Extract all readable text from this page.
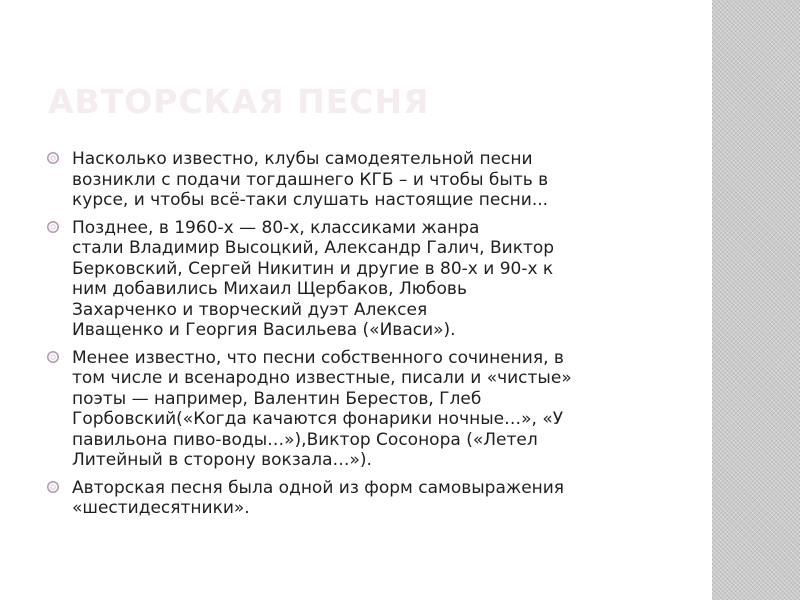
АВТОРСКАЯ ПЕСНЯ
Насколько известно, клубы самодеятельной песни
возникли с подачи тогдашнего КГБ – и чтобы быть в
курсе, и чтобы всё-таки слушать настоящие песни...
Позднее, в 1960-х — 80-х, классиками жанра
стали Владимир Высоцкий, Александр Галич, Виктор
Берковский, Сергей Никитин и другие в 80-х и 90-х к
ним добавились Михаил Щербаков, Любовь
Захарченко и творческий дуэт Алексея
Иващенко и Георгия Васильева («Иваси»).
Менее известно, что песни собственного сочинения, в
том числе и всенародно известные, писали и «чистые»
поэты — например, Валентин Берестов, Глеб
Горбовский(«Когда качаются фонарики ночные…», «У
павильона пиво-воды…»),Виктор Сосонора («Летел
Литейный в сторону вокзала…»).
Авторская песня была одной из форм самовыражения
«шестидесятники».
